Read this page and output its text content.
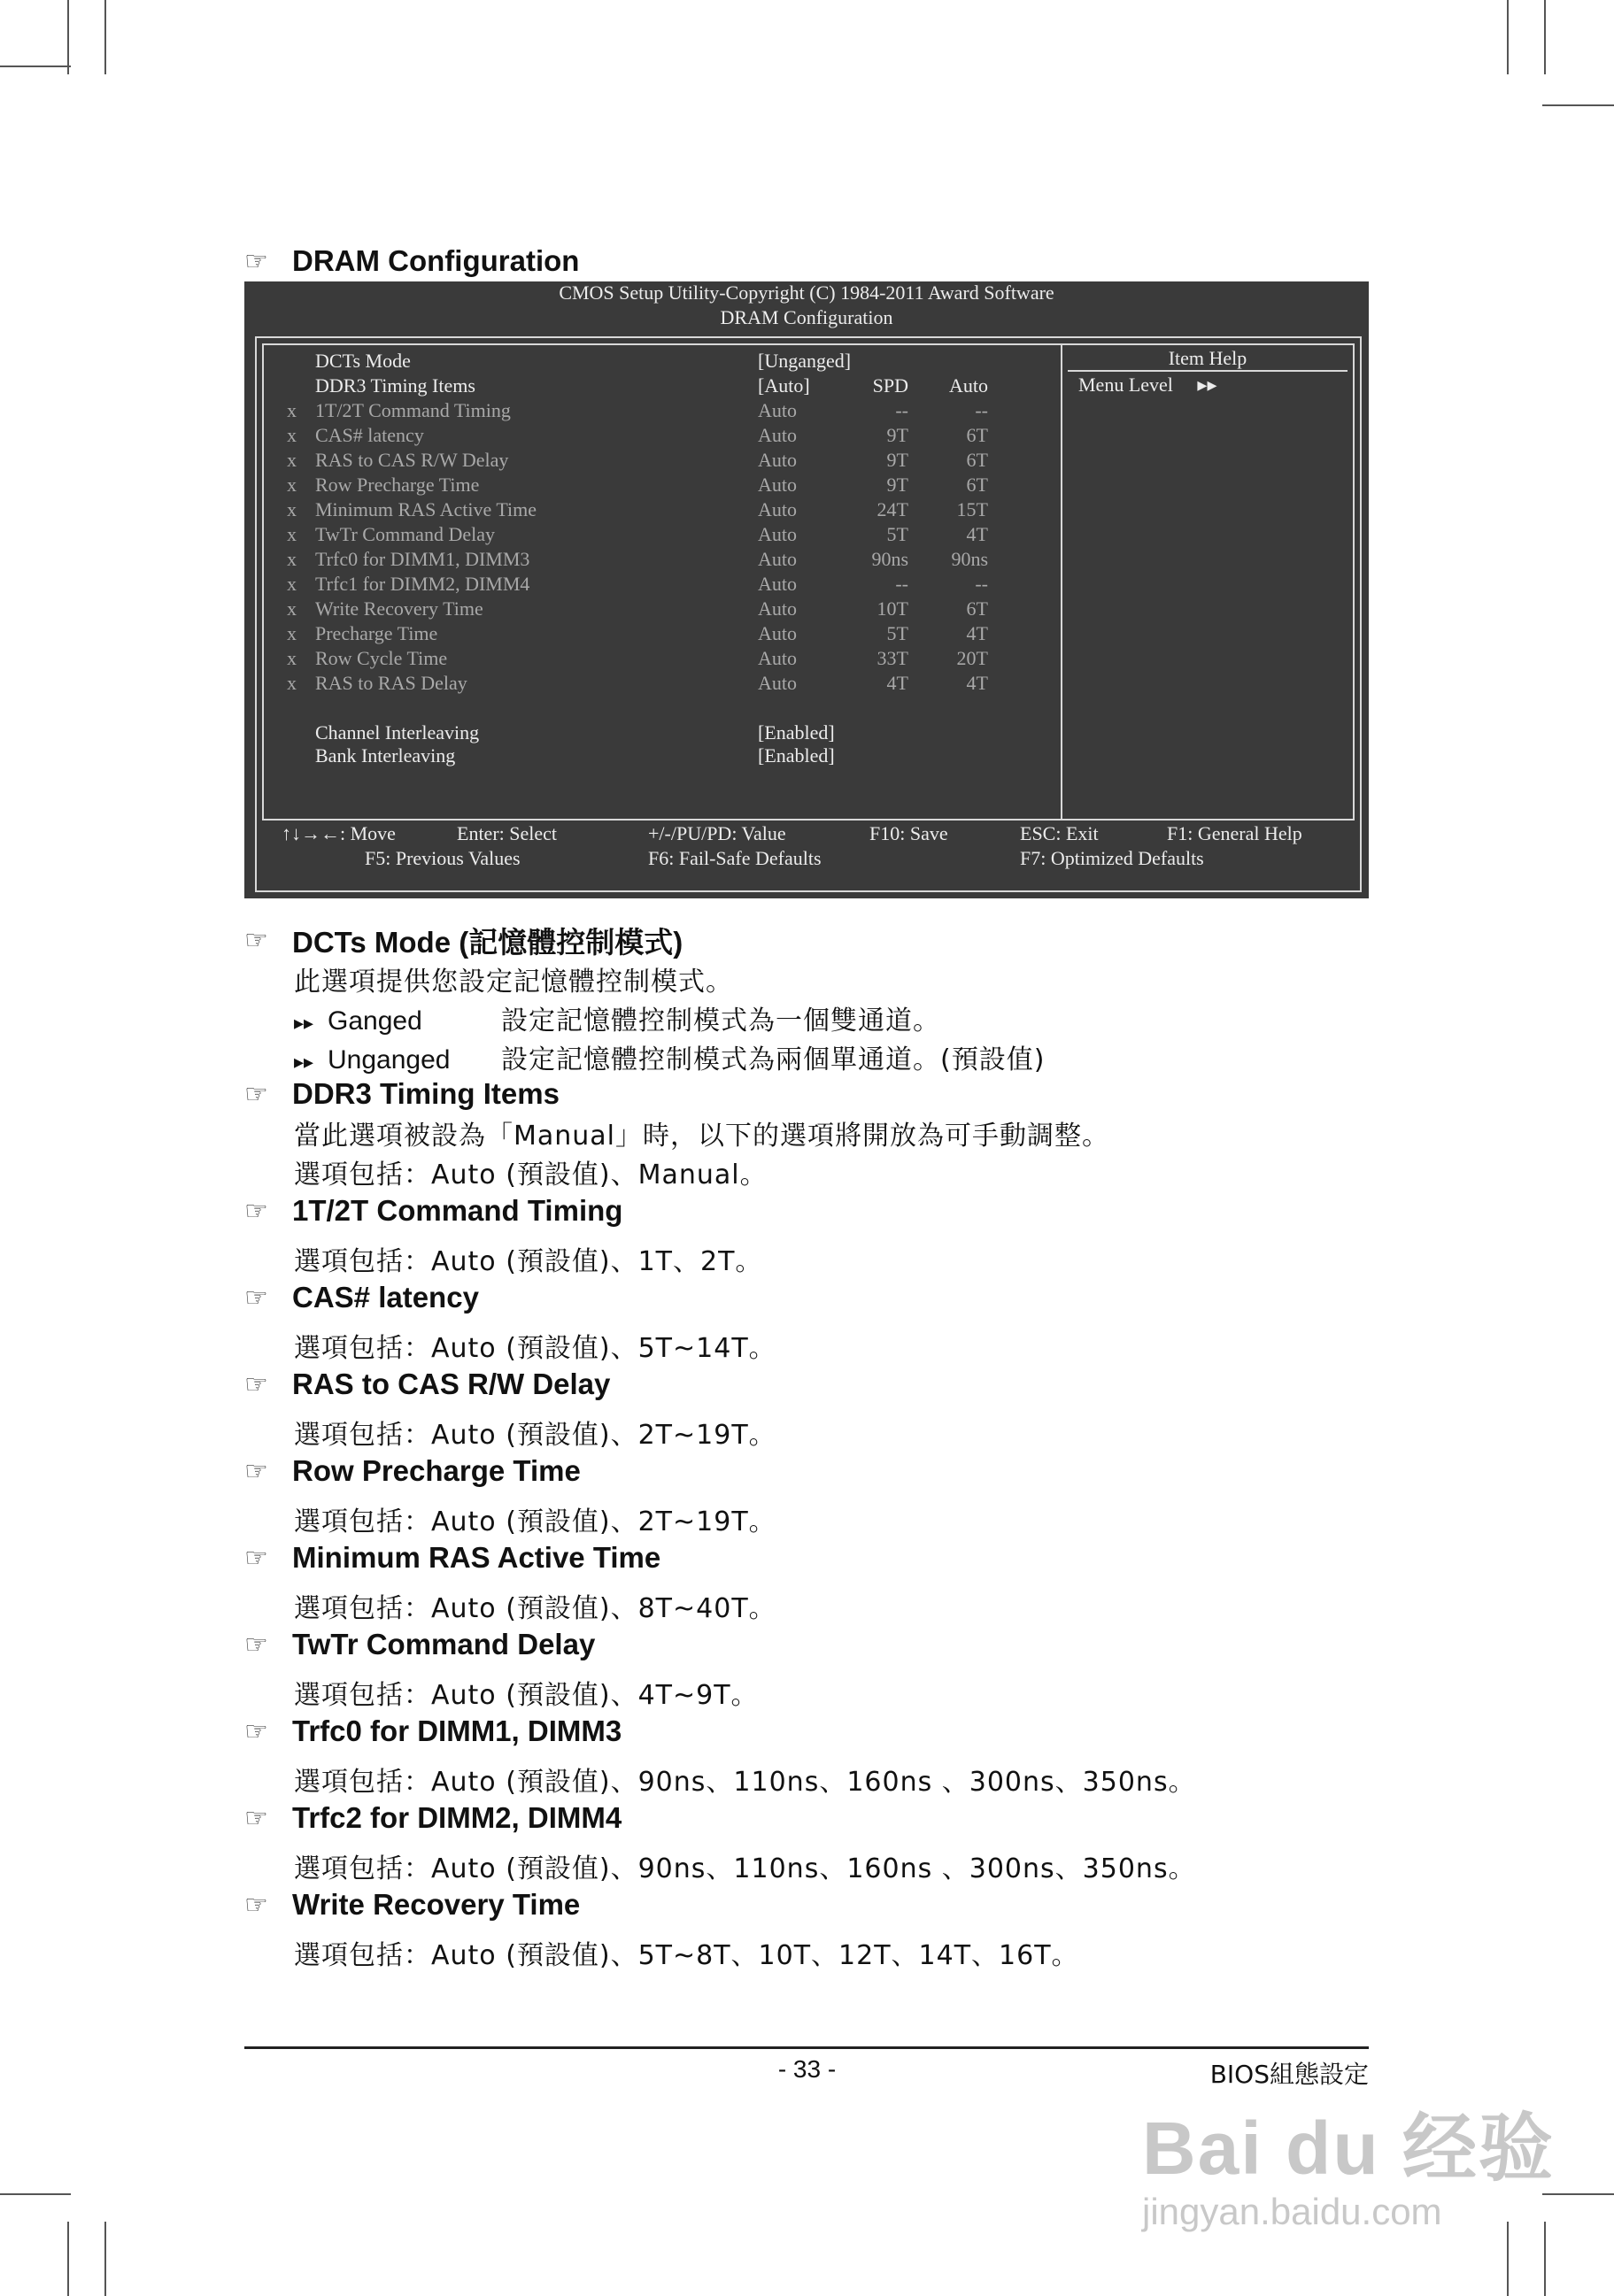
☞ DRAM Configuration
CMOS Setup Utility-Copyright (C) 1984-2011 Award Software
DRAM Configuration
Item Help
Menu Level ▸▸
DCTs Mode	[Unganged]
DDR3 Timing Items	[Auto]	SPD	Auto
x 1T/2T Command Timing	Auto	--	--
x CAS# latency	Auto	9T	6T
x RAS to CAS R/W Delay	Auto	9T	6T
x Row Precharge Time	Auto	9T	6T
x Minimum RAS Active Time	Auto	24T	15T
x TwTr Command Delay	Auto	5T	4T
x Trfc0 for DIMM1, DIMM3	Auto	90ns	90ns
x Trfc1 for DIMM2, DIMM4	Auto	--	--
x Write Recovery Time	Auto	10T	6T
x Precharge Time	Auto	5T	4T
x Row Cycle Time	Auto	33T	20T
x RAS to RAS Delay	Auto	4T	4T
Channel Interleaving	[Enabled]
Bank Interleaving	[Enabled]
↑↓→←: Move	Enter: Select	+/-/PU/PD: Value	F10: Save	ESC: Exit	F1: General Help
F5: Previous Values	F6: Fail-Safe Defaults	F7: Optimized Defaults
☞ DCTs Mode (記憶體控制模式)
此選項提供您設定記憶體控制模式。
▸▸ Ganged	設定記憶體控制模式為一個雙通道。
▸▸ Unganged 設定記憶體控制模式為兩個單通道。(預設值)
☞ DDR3 Timing Items
當此選項被設為「Manual」時，以下的選項將開放為可手動調整。
選項包括：Auto (預設值)、Manual。
☞ 1T/2T Command Timing
選項包括：Auto (預設值)、1T、2T。
☞ CAS# latency
選項包括：Auto (預設值)、5T~14T。
☞ RAS to CAS R/W Delay
選項包括：Auto (預設值)、2T~19T。
☞ Row Precharge Time
選項包括：Auto (預設值)、2T~19T。
☞ Minimum RAS Active Time
選項包括：Auto (預設值)、8T~40T。
☞ TwTr Command Delay
選項包括：Auto (預設值)、4T~9T。
☞ Trfc0 for DIMM1, DIMM3
選項包括：Auto (預設值)、90ns、110ns、160ns 、300ns、350ns。
☞ Trfc2 for DIMM2, DIMM4
選項包括：Auto (預設值)、90ns、110ns、160ns 、300ns、350ns。
☞ Write Recovery Time
選項包括：Auto (預設值)、5T~8T、10T、12T、14T、16T。
- 33 -	BIOS組態設定
Bai du 经验
jingyan.baidu.com
